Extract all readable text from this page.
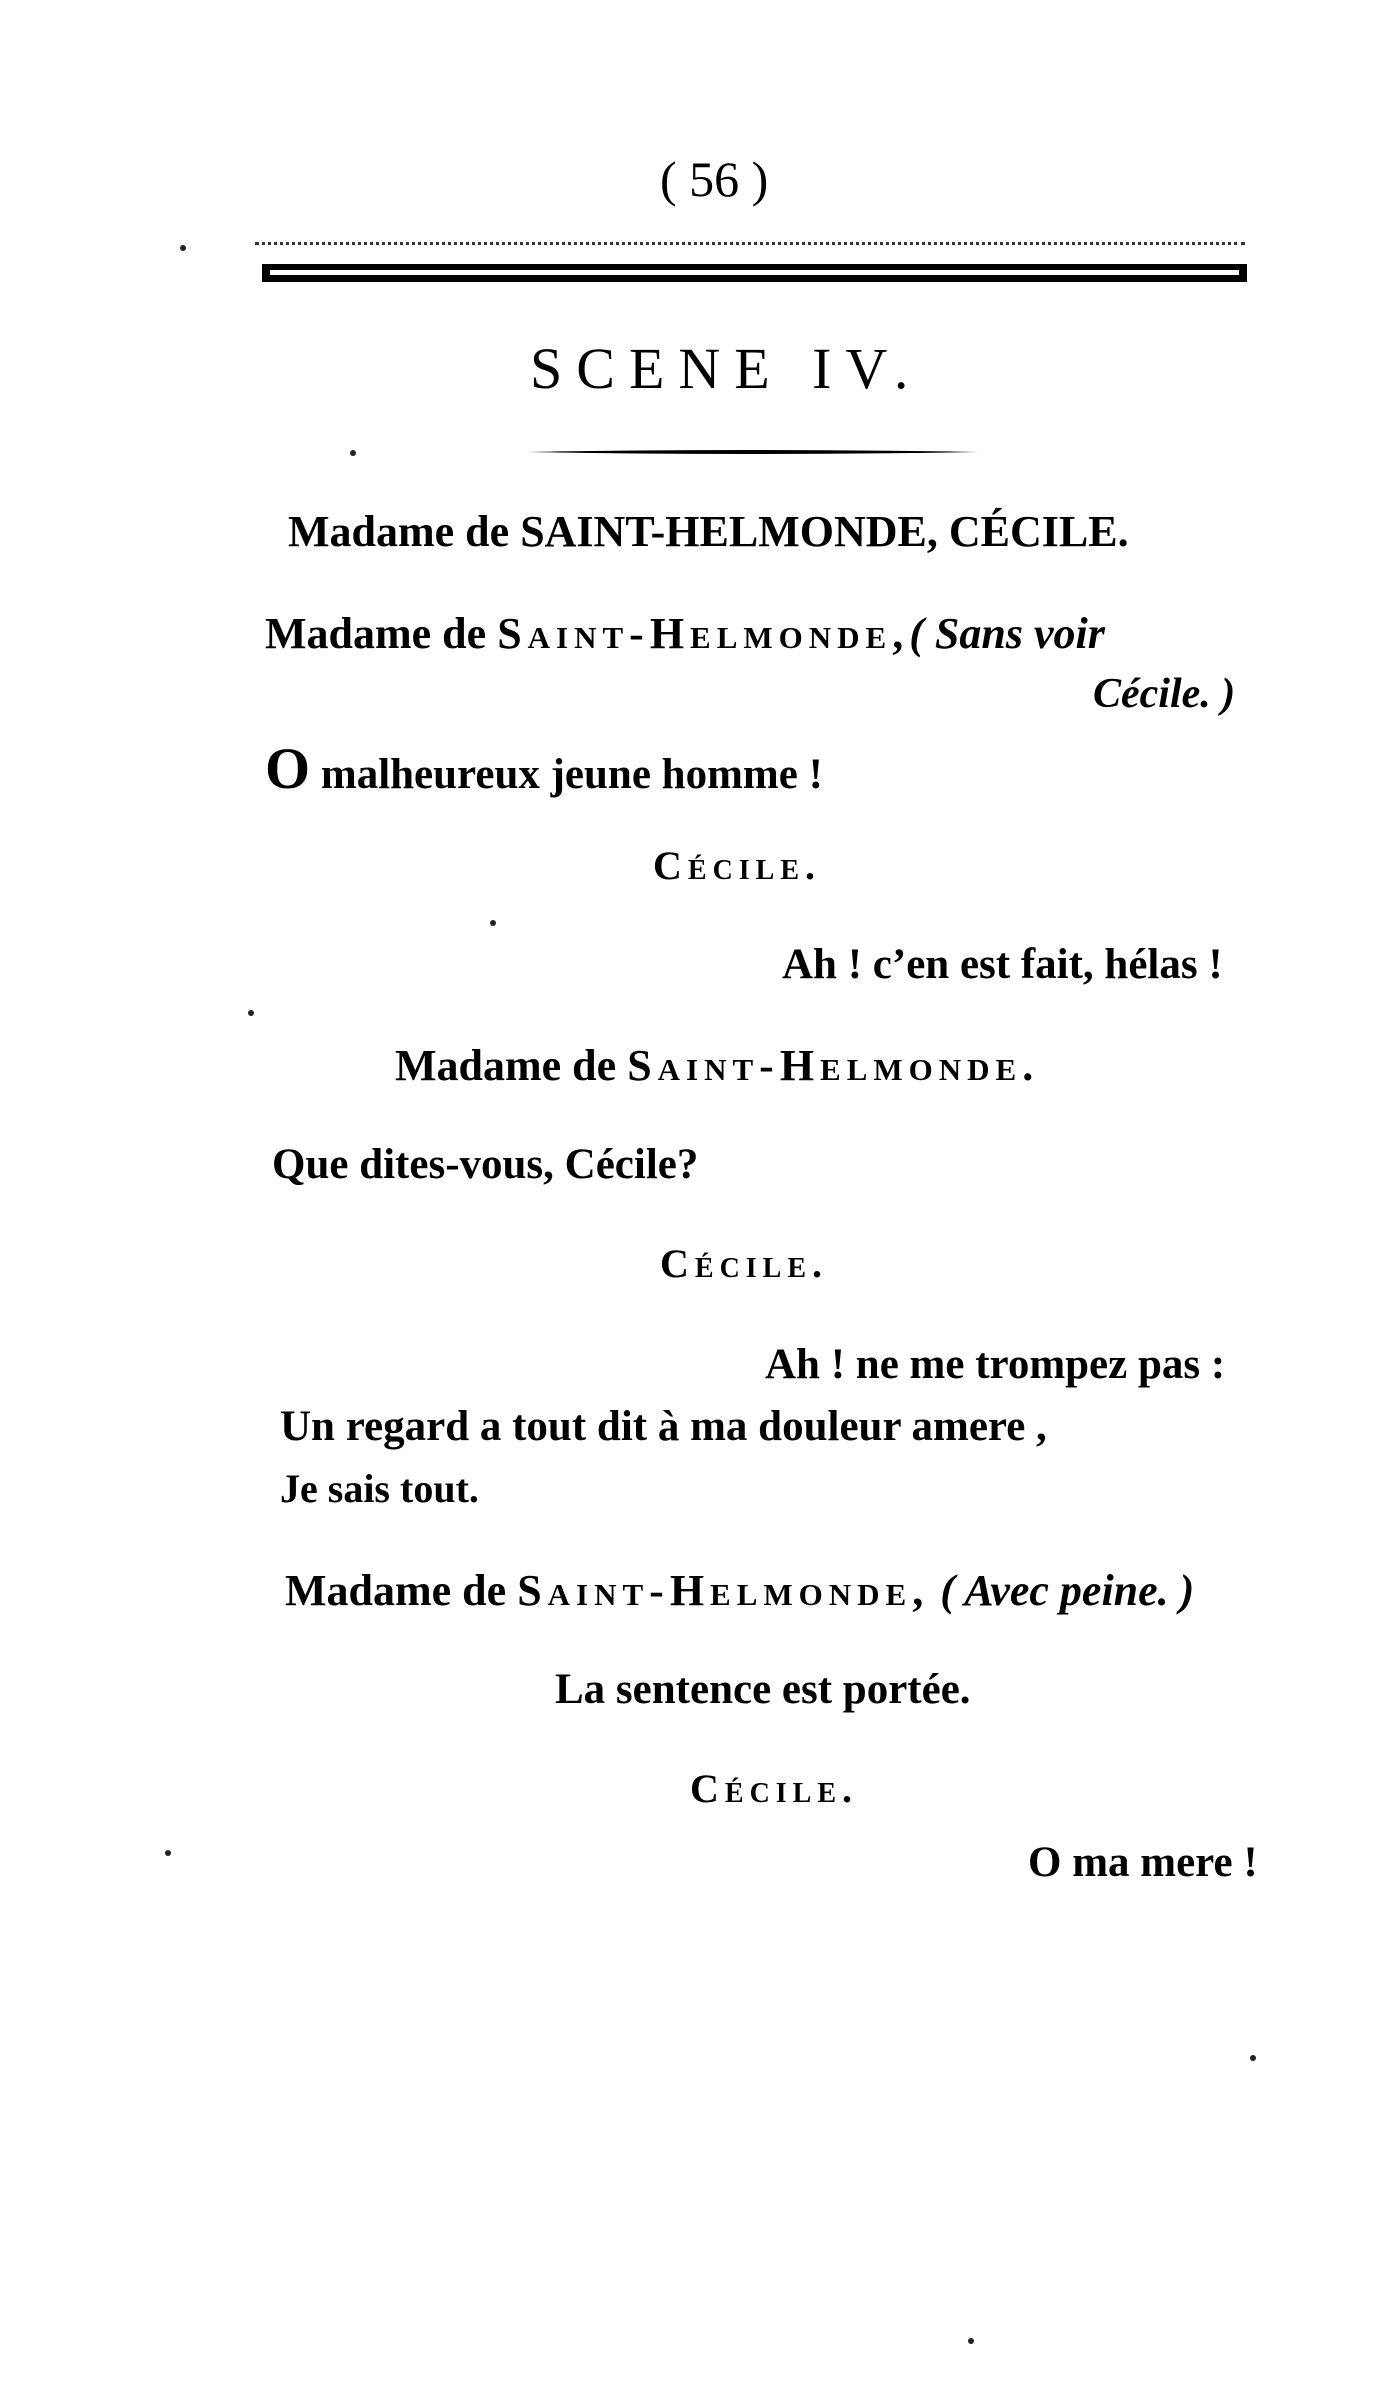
( 56 )
SCENE IV.
Madame de SAINT-HELMONDE, CÉCILE.
Madame de Saint-Helmonde,( Sans voir
Cécile. )
O malheureux jeune homme !
Cécile.
Ah ! c’en est fait, hélas !
Madame de Saint-Helmonde.
Que dites-vous, Cécile?
Cécile.
Ah ! ne me trompez pas :
Un regard a tout dit à ma douleur amere ,
Je sais tout.
Madame de Saint-Helmonde, ( Avec peine. )
La sentence est portée.
Cécile.
O ma mere !
